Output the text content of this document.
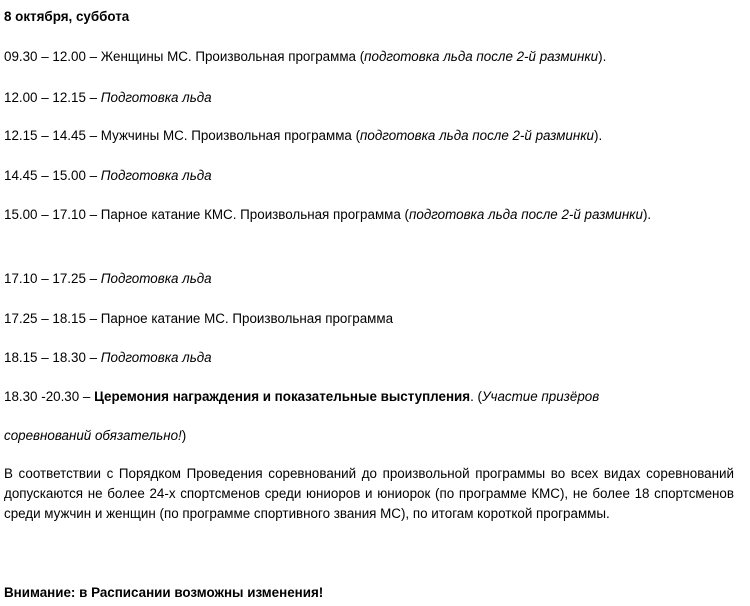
8 октября, суббота

09.30 – 12.00 – Женщины МС. Произвольная программа (подготовка льда после 2-й разминки).

12.00 – 12.15 – Подготовка льда

12.15 – 14.45 – Мужчины МС. Произвольная программа (подготовка льда после 2-й разминки).

14.45 – 15.00 – Подготовка льда

15.00 – 17.10 – Парное катание КМС. Произвольная программа (подготовка льда после 2-й разминки).

17.10 – 17.25 – Подготовка льда

17.25 – 18.15 – Парное катание МС. Произвольная программа

18.15 – 18.30 – Подготовка льда

18.30 -20.30 – Церемония награждения и показательные выступления. (Участие призёров

соревнований обязательно!)

В соответствии с Порядком Проведения соревнований до произвольной программы во всех видах соревнований допускаются не более 24-х спортсменов среди юниоров и юниорок (по программе КМС), не более 18 спортсменов среди мужчин и женщин (по программе спортивного звания МС), по итогам короткой программы.

Внимание: в Расписании возможны изменения!
